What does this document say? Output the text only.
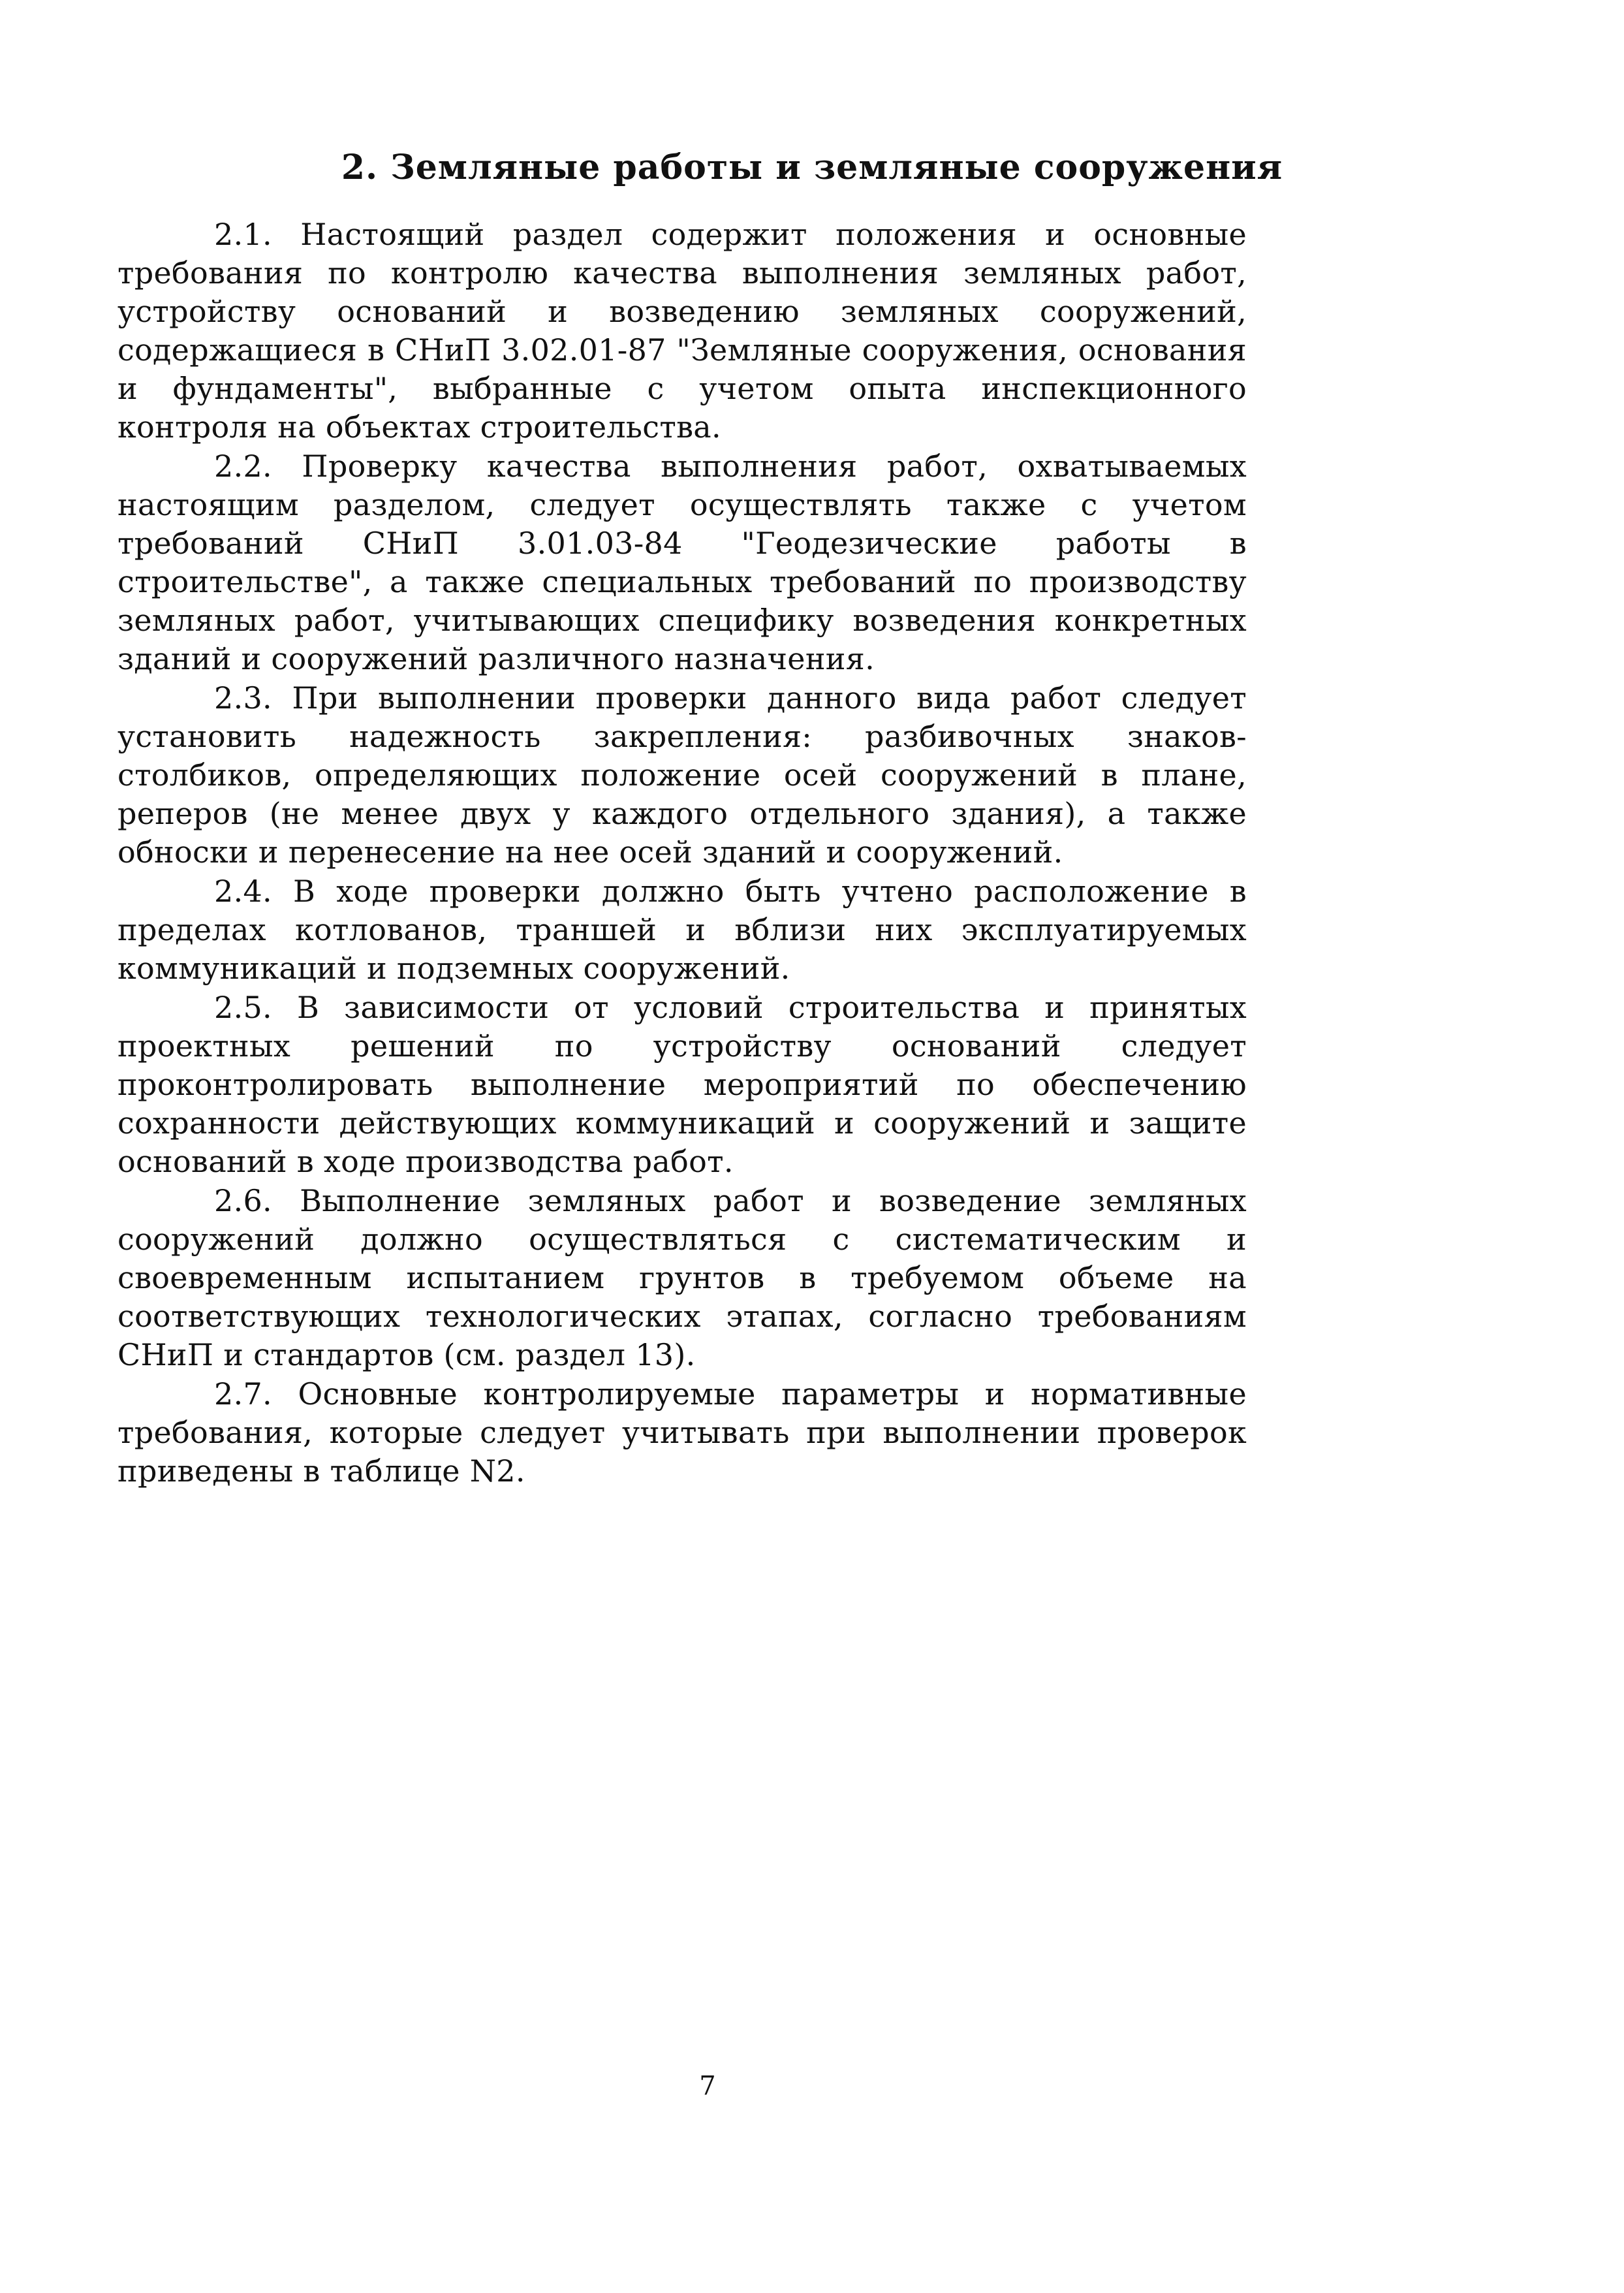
2. Земляные работы и земляные сооружения

2.1. Настоящий раздел содержит положения и основные требования по контролю качества выполнения земляных работ, устройству оснований и возведению земляных сооружений, содержащиеся в СНиП 3.02.01-87 "Земляные сооружения, основания и фундаменты", выбранные с учетом опыта инспекционного контроля на объектах строительства.

2.2. Проверку качества выполнения работ, охватываемых настоящим разделом, следует осуществлять также с учетом требований СНиП 3.01.03-84 "Геодезические работы в строительстве", а также специальных требований по производству земляных работ, учитывающих специфику возведения конкретных зданий и сооружений различного назначения.

2.3. При выполнении проверки данного вида работ следует установить надежность закрепления: разбивочных знаков-столбиков, определяющих положение осей сооружений в плане, реперов (не менее двух у каждого отдельного здания), а также обноски и перенесение на нее осей зданий и сооружений.

2.4. В ходе проверки должно быть учтено расположение в пределах котлованов, траншей и вблизи них эксплуатируемых коммуникаций и подземных сооружений.

2.5. В зависимости от условий строительства и принятых проектных решений по устройству оснований следует проконтролировать выполнение мероприятий по обеспечению сохранности действующих коммуникаций и сооружений и защите оснований в ходе производства работ.

2.6. Выполнение земляных работ и возведение земляных сооружений должно осуществляться с систематическим и своевременным испытанием грунтов в требуемом объеме на соответствующих технологических этапах, согласно требованиям СНиП и стандартов (см. раздел 13).

2.7. Основные контролируемые параметры и нормативные требования, которые следует учитывать при выполнении проверок приведены в таблице N2.

7
